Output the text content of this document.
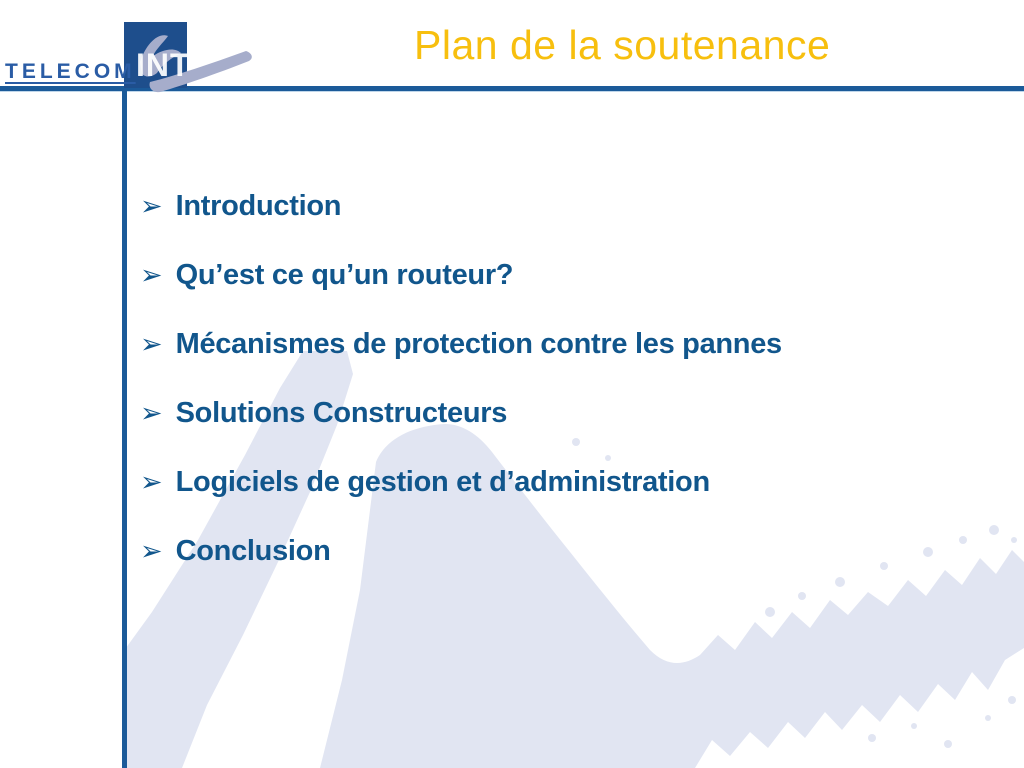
TELECOM INT	Plan de la soutenance
➢ Introduction
➢ Qu’est ce qu’un routeur?
➢ Mécanismes de protection contre les pannes
➢ Solutions Constructeurs
➢ Logiciels de gestion et d’administration
➢ Conclusion
